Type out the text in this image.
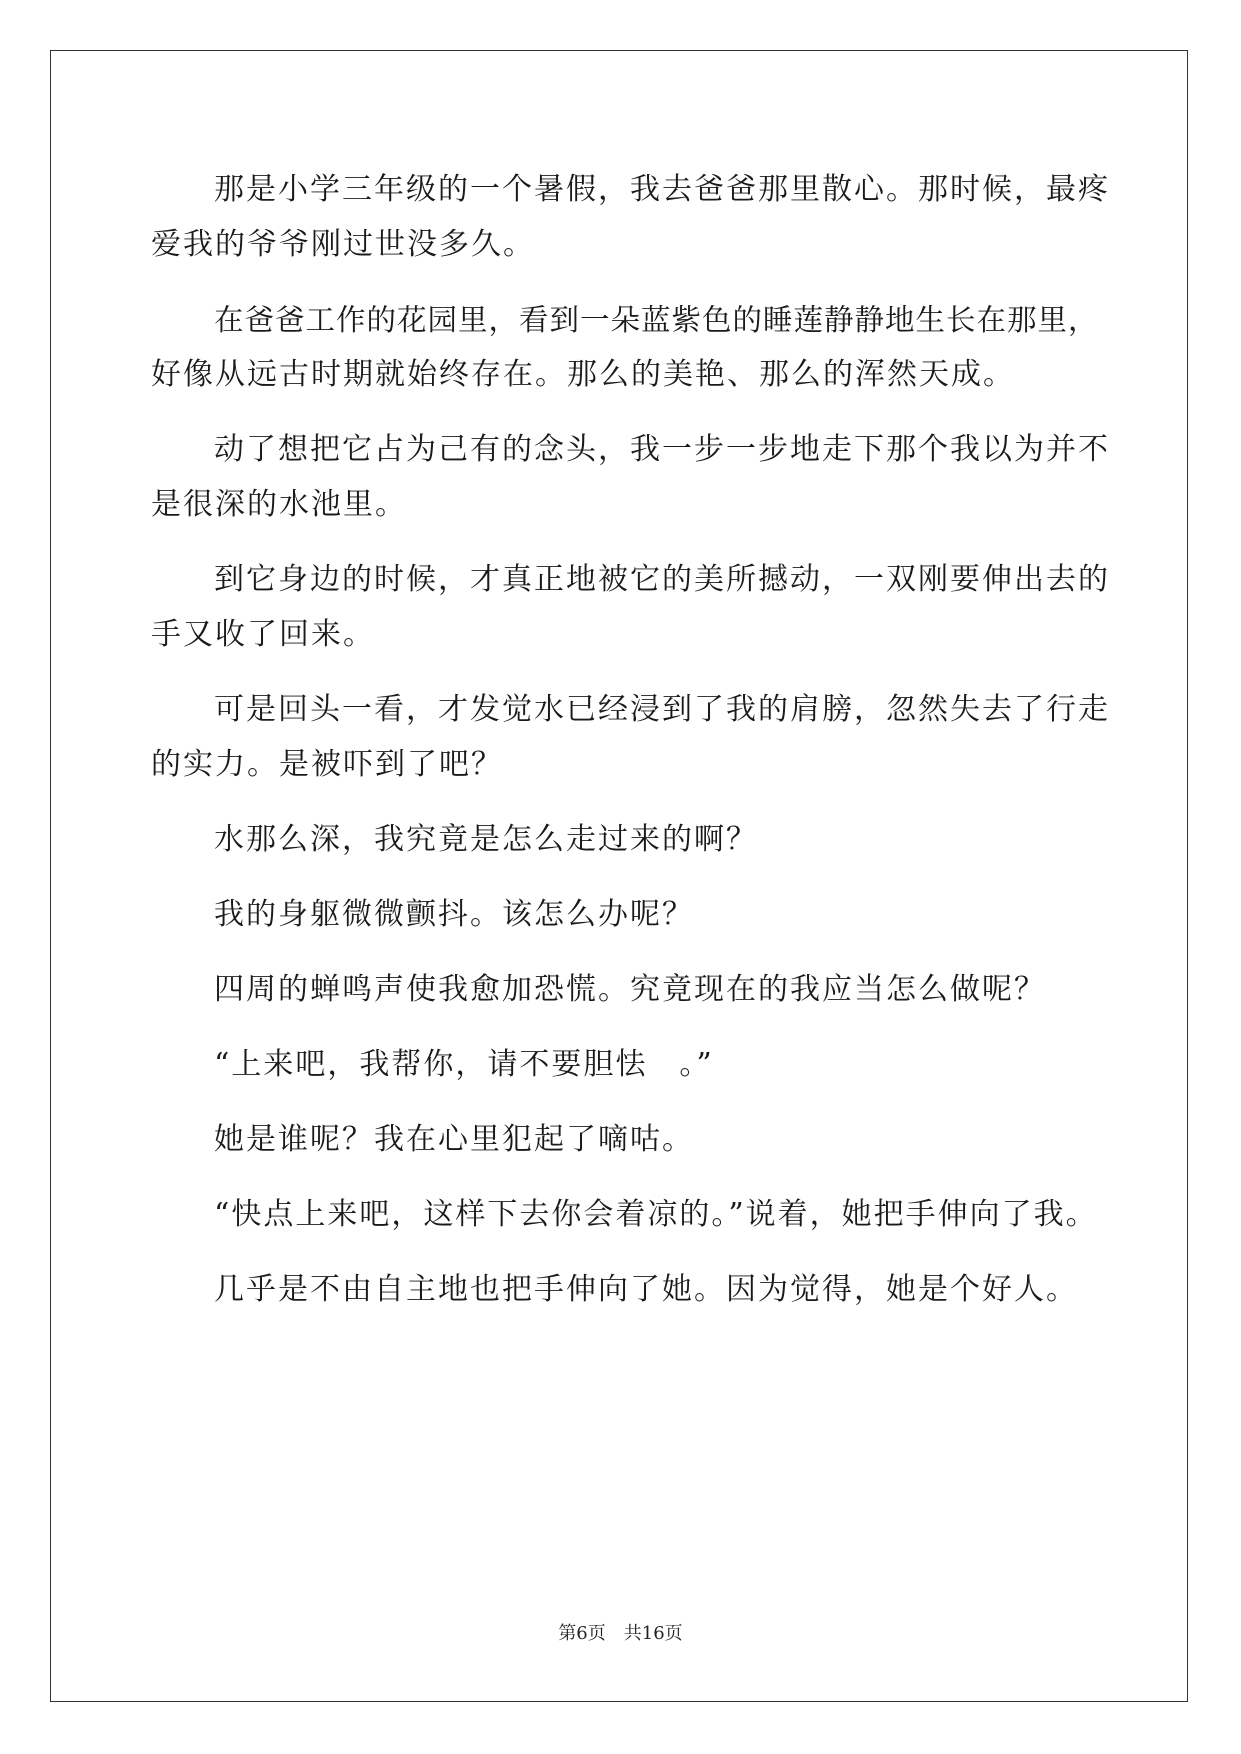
那是小学三年级的一个暑假，我去爸爸那里散心。那时候，最疼
爱我的爷爷刚过世没多久。
在爸爸工作的花园里，看到一朵蓝紫色的睡莲静静地生长在那里，
好像从远古时期就始终存在。那么的美艳、那么的浑然天成。
动了想把它占为己有的念头，我一步一步地走下那个我以为并不
是很深的水池里。
到它身边的时候，才真正地被它的美所撼动，一双刚要伸出去的
手又收了回来。
可是回头一看，才发觉水已经浸到了我的肩膀，忽然失去了行走
的实力。是被吓到了吧？
水那么深，我究竟是怎么走过来的啊？
我的身躯微微颤抖。该怎么办呢？
四周的蝉鸣声使我愈加恐慌。究竟现在的我应当怎么做呢？
“上来吧，我帮你，请不要胆怯　。”
她是谁呢？我在心里犯起了嘀咕。
“快点上来吧，这样下去你会着凉的。”说着，她把手伸向了我。
几乎是不由自主地也把手伸向了她。因为觉得，她是个好人。
第6页　共16页
